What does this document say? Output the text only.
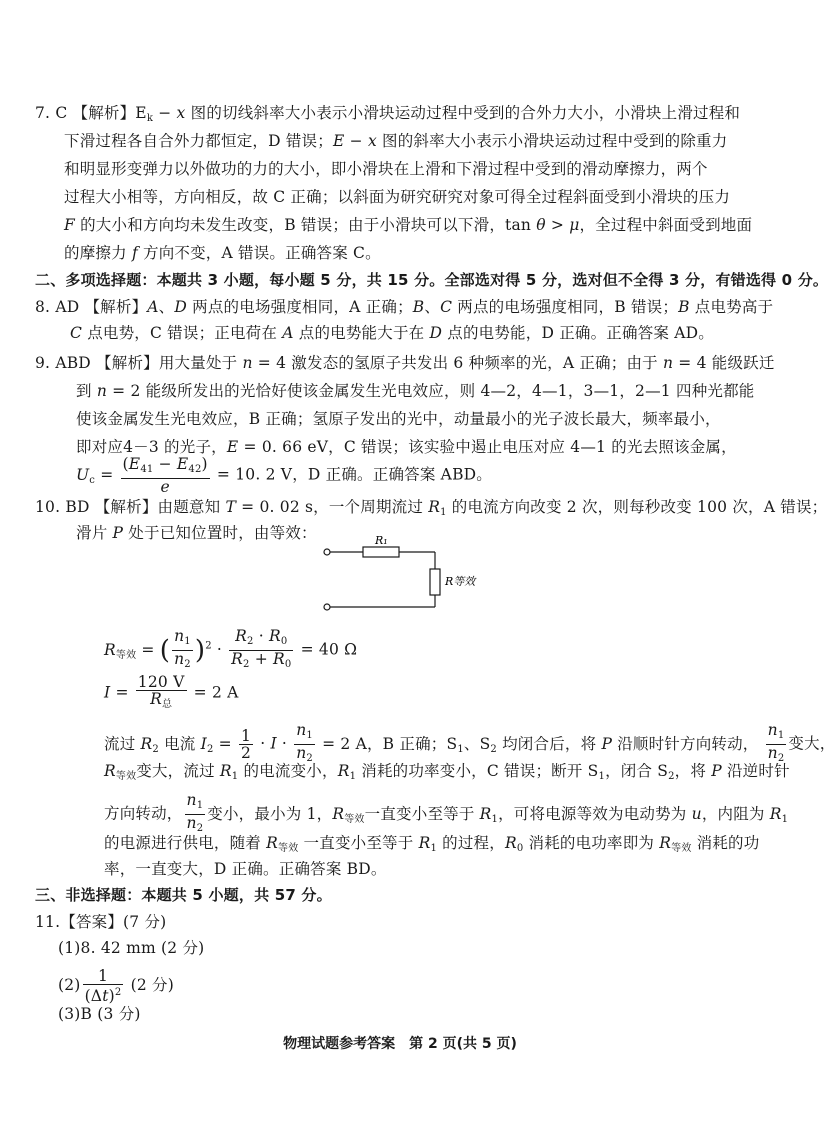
7. C 【解析】$E_k - x$ 图的切线斜率大小表示小滑块运动过程中受到的合外力大小，小滑块上滑过程和
下滑过程各自合外力都恒定，D 错误；E − x 图的斜率大小表示小滑块运动过程中受到的除重力
和明显形变弹力以外做功的力的大小，即小滑块在上滑和下滑过程中受到的滑动摩擦力，两个
过程大小相等，方向相反，故 C 正确；以斜面为研究研究对象可得全过程斜面受到小滑块的压力
F 的大小和方向均未发生改变，B 错误；由于小滑块可以下滑，tan θ > μ，全过程中斜面受到地面
的摩擦力 f 方向不变，A 错误。正确答案 C。
二、多项选择题：本题共 3 小题，每小题 5 分，共 15 分。全部选对得 5 分，选对但不全得 3 分，有错选得 0 分。
8. AD 【解析】A、D 两点的电场强度相同，A 正确；B、C 两点的电场强度相同，B 错误；B 点电势高于
C 点电势，C 错误；正电荷在 A 点的电势能大于在 D 点的电势能，D 正确。正确答案 AD。
9. ABD 【解析】用大量处于 n = 4 激发态的氢原子共发出 6 种频率的光，A 正确；由于 n = 4 能级跃迁
到 n = 2 能级所发出的光恰好使该金属发生光电效应，则 4—2，4—1，3—1，2—1 四种光都能
使该金属发生光电效应，B 正确；氢原子发出的光中，动量最小的光子波长最大，频率最小，
即对应4－3 的光子，E = 0. 66 eV，C 错误；该实验中遏止电压对应 4—1 的光去照该金属，
$U_c = \frac{(E_{41} - E_{42})}{e} = 10$. 2 V，D 正确。正确答案 ABD。
10. BD 【解析】由题意知 T = 0. 02 s，一个周期流过 $R_1$ 的电流方向改变 2 次，则每秒改变 100 次，A 错误；
滑片 P 处于已知位置时，由等效：	R₁
R等效
$R_{等效}$ = ( $\frac{n_1}{n_2} )^2 \cdot \frac{R_2 \cdot R_0}{R_2 + R_0} = 40$ Ω
$I = \frac{120 V}{R_总} = 2$ A
流过 $R_2$ 电流 $I_2 = \frac{1}{2} \cdot I \cdot \frac{n_1}{n_2} = 2$ A，B 正确；$S_1$、$S_2$ 均闭合后，将 P 沿顺时针方向转动， $\frac{n_1}{n_2}$ 变大，
$R_{等效}$变大，流过 $R_1$ 的电流变小，$R_1$ 消耗的功率变小，C 错误；断开 $S_1$，闭合 $S_2$，将 P 沿逆时针
方向转动， $\frac{n_1}{n_2}$ 变小，最小为 1，$R_{等效}$一直变小至等于 $R_1$，可将电源等效为电动势为 u，内阻为 $R_1$
的电源进行供电，随着 $R_{等效}$ 一直变小至等于 $R_1$ 的过程，$R_0$ 消耗的电功率即为 $R_{等效}$ 消耗的功
率，一直变大，D 正确。正确答案 BD。
三、非选择题：本题共 5 小题，共 57 分。
11.【答案】(7 分)
(1)8. 42 mm (2 分)
$(2) \frac{1}{(\Delta t)^2} (2$ 分)
(3)B (3 分)
物理试题参考答案　第 2 页(共 5 页)
